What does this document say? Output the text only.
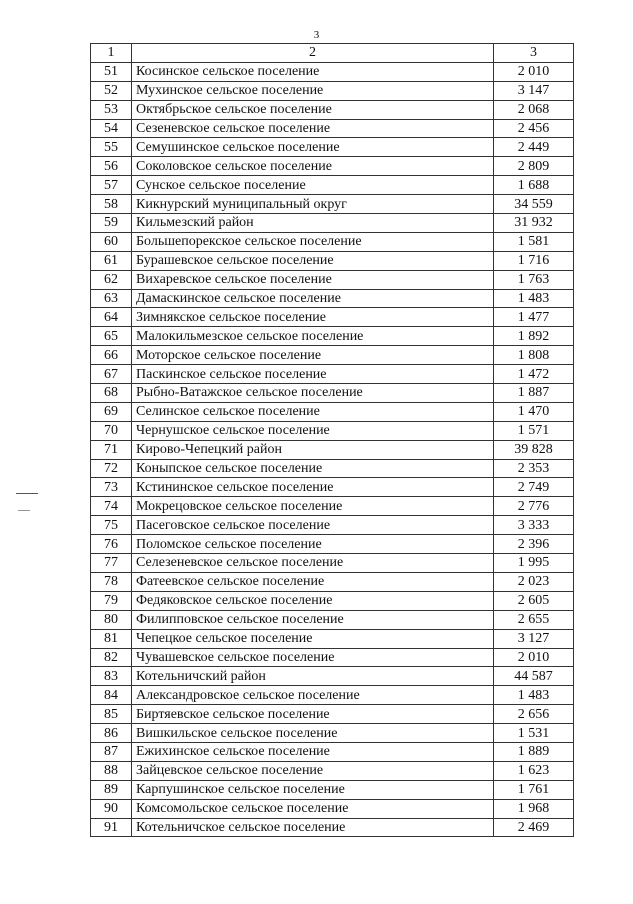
3
1	2	3
51	Косинское сельское поселение	2 010
52	Мухинское сельское поселение	3 147
53	Октябрьское сельское поселение	2 068
54	Сезеневское сельское поселение	2 456
55	Семушинское сельское поселение	2 449
56	Соколовское сельское поселение	2 809
57	Сунское сельское поселение	1 688
58	Кикнурский муниципальный округ	34 559
59	Кильмезский район	31 932
60	Большепорекское сельское поселение	1 581
61	Бурашевское сельское поселение	1 716
62	Вихаревское сельское поселение	1 763
63	Дамаскинское сельское поселение	1 483
64	Зимнякское сельское поселение	1 477
65	Малокильмезское сельское поселение	1 892
66	Моторское сельское поселение	1 808
67	Паскинское сельское поселение	1 472
68	Рыбно-Ватажское сельское поселение	1 887
69	Селинское сельское поселение	1 470
70	Чернушское сельское поселение	1 571
71	Кирово-Чепецкий район	39 828
72	Коныпское сельское поселение	2 353
73	Кстининское сельское поселение	2 749
74	Мокрецовское сельское поселение	2 776
75	Пасеговское сельское поселение	3 333
76	Поломское сельское поселение	2 396
77	Селезеневское сельское поселение	1 995
78	Фатеевское сельское поселение	2 023
79	Федяковское сельское поселение	2 605
80	Филипповское сельское поселение	2 655
81	Чепецкое сельское поселение	3 127
82	Чувашевское сельское поселение	2 010
83	Котельничский район	44 587
84	Александровское сельское поселение	1 483
85	Биртяевское сельское поселение	2 656
86	Вишкильское сельское поселение	1 531
87	Ежихинское сельское поселение	1 889
88	Зайцевское сельское поселение	1 623
89	Карпушинское сельское поселение	1 761
90	Комсомольское сельское поселение	1 968
91	Котельничское сельское поселение	2 469
